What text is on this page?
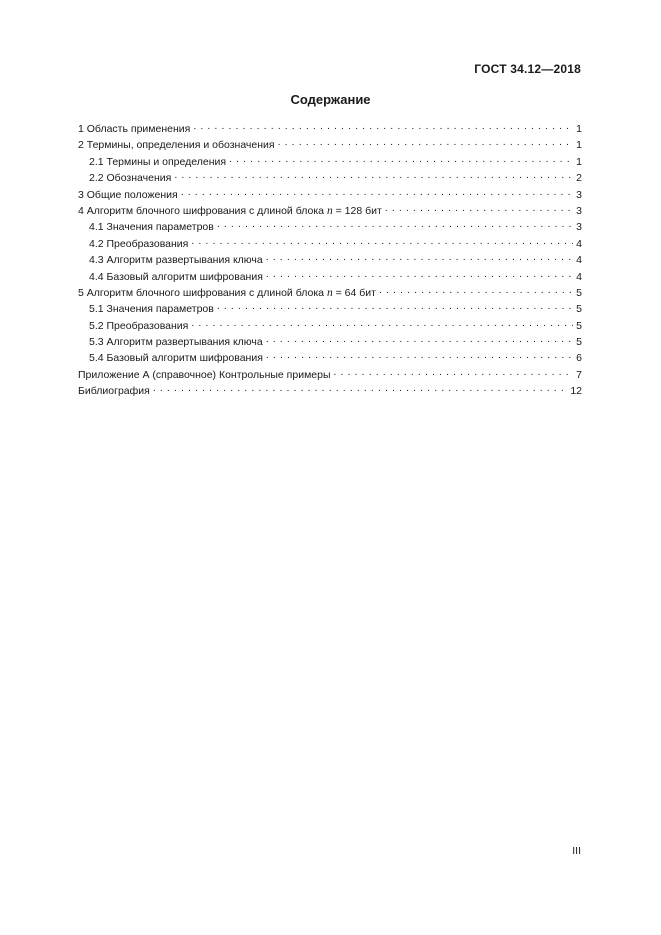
ГОСТ 34.12—2018
Содержание
1 Область применения . . .	1
2 Термины, определения и обозначения . . .	1
2.1 Термины и определения . . .	1
2.2 Обозначения . . .	2
3 Общие положения . . .	3
4 Алгоритм блочного шифрования с длиной блока n = 128 бит . . .	3
4.1 Значения параметров . . .	3
4.2 Преобразования . . .	4
4.3 Алгоритм развертывания ключа . . .	4
4.4 Базовый алгоритм шифрования . . .	4
5 Алгоритм блочного шифрования с длиной блока n = 64 бит . . .	5
5.1 Значения параметров . . .	5
5.2 Преобразования . . .	5
5.3 Алгоритм развертывания ключа . . .	5
5.4 Базовый алгоритм шифрования . . .	6
Приложение А (справочное) Контрольные примеры . . .	7
Библиография . . .	12
III
